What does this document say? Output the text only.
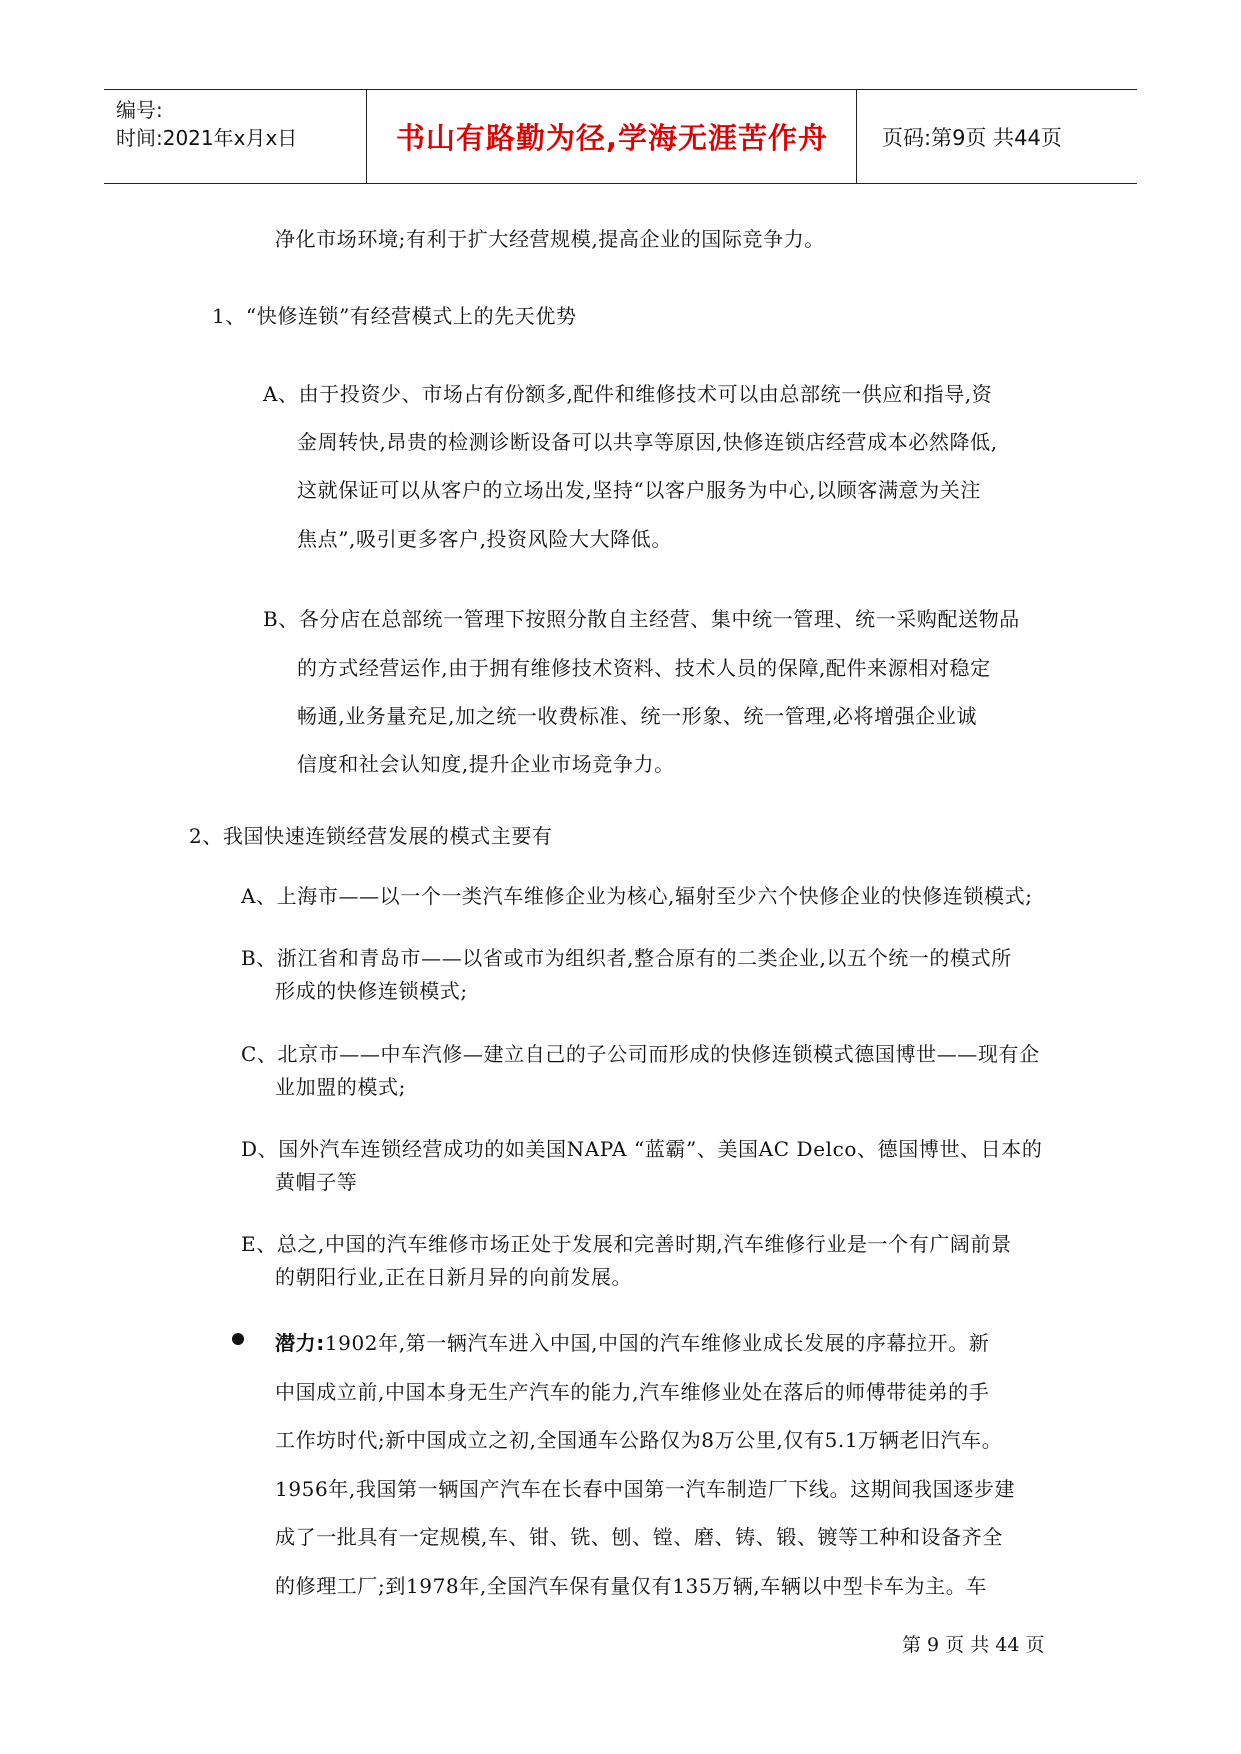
编号:
时间:2021年x月x日	书山有路勤为径,学海无涯苦作舟	页码:第9页 共44页
净化市场环境;有利于扩大经营规模,提高企业的国际竞争力。
1、“快修连锁”有经营模式上的先天优势
A、由于投资少、市场占有份额多,配件和维修技术可以由总部统一供应和指导,资
金周转快,昂贵的检测诊断设备可以共享等原因,快修连锁店经营成本必然降低,
这就保证可以从客户的立场出发,坚持“以客户服务为中心,以顾客满意为关注
焦点”,吸引更多客户,投资风险大大降低。
B、各分店在总部统一管理下按照分散自主经营、集中统一管理、统一采购配送物品
的方式经营运作,由于拥有维修技术资料、技术人员的保障,配件来源相对稳定
畅通,业务量充足,加之统一收费标准、统一形象、统一管理,必将增强企业诚
信度和社会认知度,提升企业市场竞争力。
2、我国快速连锁经营发展的模式主要有
A、上海市——以一个一类汽车维修企业为核心,辐射至少六个快修企业的快修连锁模式;
B、浙江省和青岛市——以省或市为组织者,整合原有的二类企业,以五个统一的模式所
形成的快修连锁模式;
C、北京市——中车汽修—建立自己的子公司而形成的快修连锁模式德国博世——现有企
业加盟的模式;
D、国外汽车连锁经营成功的如美国NAPA “蓝霸”、美国AC Delco、德国博世、日本的
黄帽子等
E、总之,中国的汽车维修市场正处于发展和完善时期,汽车维修行业是一个有广阔前景
的朝阳行业,正在日新月异的向前发展。
潜力:1902年,第一辆汽车进入中国,中国的汽车维修业成长发展的序幕拉开。新
中国成立前,中国本身无生产汽车的能力,汽车维修业处在落后的师傅带徒弟的手
工作坊时代;新中国成立之初,全国通车公路仅为8万公里,仅有5.1万辆老旧汽车。
1956年,我国第一辆国产汽车在长春中国第一汽车制造厂下线。这期间我国逐步建
成了一批具有一定规模,车、钳、铣、刨、镗、磨、铸、锻、镀等工种和设备齐全
的修理工厂;到1978年,全国汽车保有量仅有135万辆,车辆以中型卡车为主。车
第 9 页 共 44 页
